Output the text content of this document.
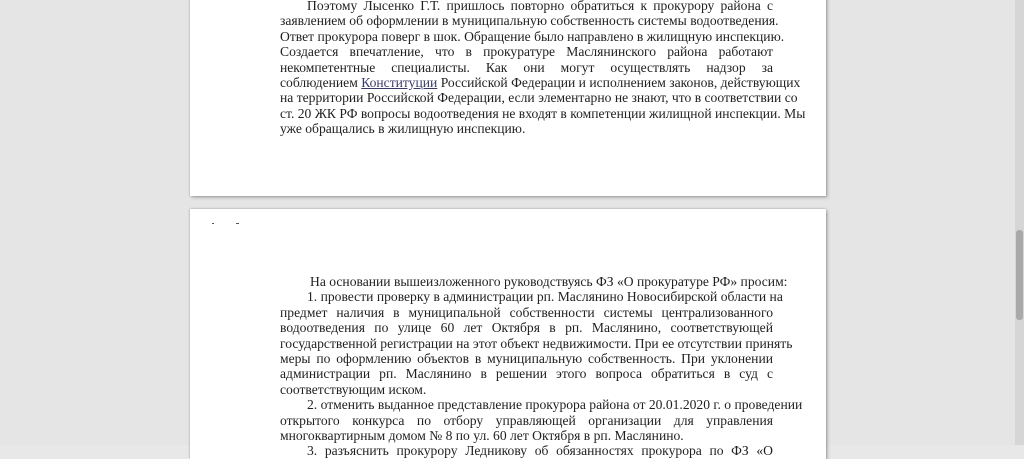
Поэтому Лысенко Г.Т. пришлось повторно обратиться к прокурору района с
заявлением об оформлении в муниципальную собственность системы водоотведения.
Ответ прокурора поверг в шок. Обращение было направлено в жилищную инспекцию.
Создается впечатление, что в прокуратуре Маслянинского района работают
некомпетентные специалисты. Как они могут осуществлять надзор за
соблюдением Конституции Российской Федерации и исполнением законов, действующих
на территории Российской Федерации, если элементарно не знают, что в соответствии со
ст. 20 ЖК РФ вопросы водоотведения не входят в компетенции жилищной инспекции. Мы
уже обращались в жилищную инспекцию.
На основании вышеизложенного руководствуясь ФЗ «О прокуратуре РФ» просим:
1. провести проверку в администрации рп. Маслянино Новосибирской области на
предмет наличия в муниципальной собственности системы централизованного
водоотведения по улице 60 лет Октября в рп. Маслянино, соответствующей
государственной регистрации на этот объект недвижимости. При ее отсутствии принять
меры по оформлению объектов в муниципальную собственность. При уклонении
администрации рп. Маслянино в решении этого вопроса обратиться в суд с
соответствующим иском.
2. отменить выданное представление прокурора района от 20.01.2020 г. о проведении
открытого конкурса по отбору управляющей организации для управления
многоквартирным домом № 8 по ул. 60 лет Октября в рп. Маслянино.
3. разъяснить прокурору Ледникову об обязанностях прокурора по ФЗ «О
